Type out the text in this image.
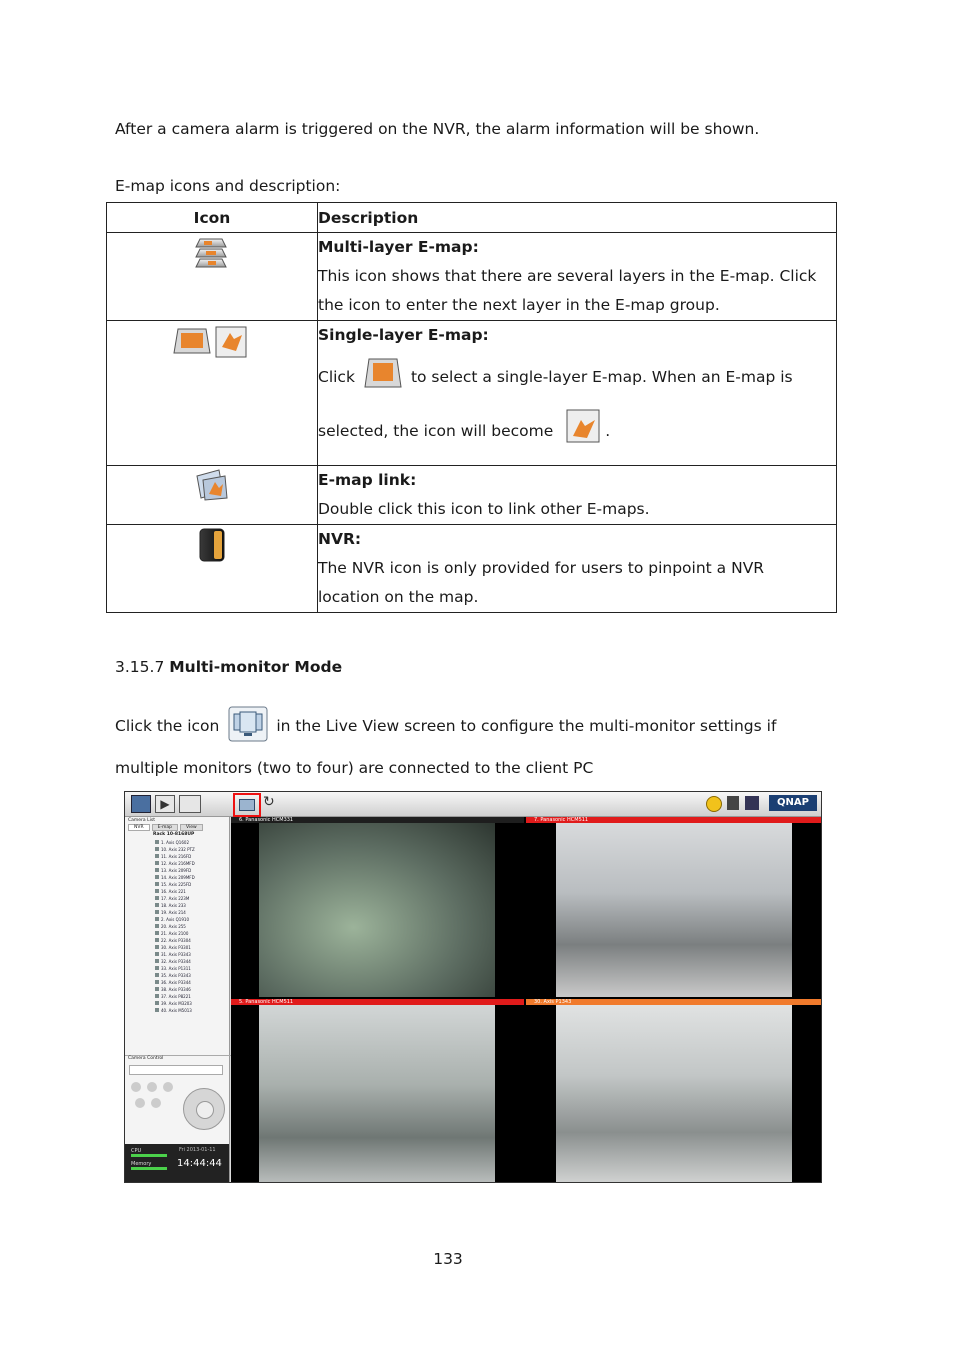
After a camera alarm is triggered on the NVR, the alarm information will be shown.
E-map icons and description:
Icon	Description

Multi-layer E-map:
This icon shows that there are several layers in the E-map. Click
the icon to enter the next layer in the E-map group.

Single-layer E-map:
Click to select a single-layer E-map. When an E-map is
selected, the icon will become .

E-map link:
Double click this icon to link other E-maps.

NVR:
The NVR icon is only provided for users to pinpoint a NVR
location on the map.
3.15.7 Multi-monitor Mode
Click the icon	in the Live View screen to configure the multi-monitor settings if
multiple monitors (two to four) are connected to the client PC
▶	↻	QNAP
Camera List
NVR	E-map	View
Rack 10-8168UP
1. Axis Q1602
10. Axis 232 PTZ
11. Axis 216FD
12. Axis 216MFD
13. Axis 209FD
14. Axis 209MFD
15. Axis 225FD
16. Axis 221
17. Axis 223M
18. Axis 233
19. Axis 214
2. Axis Q1910
20. Axis 255
21. Axis 2100
22. Axis P3304
30. Axis P3301
31. Axis P3343
32. Axis P3344
33. Axis P1311
35. Axis P3343
36. Axis P3344
38. Axis P3346
37. Axis P8221
39. Axis M3203
40. Axis M5013
Camera Control
CPU
Memory
Fri 2013-01-11
14:44:44
6. Panasonic HCM331	7. Panasonic HCM511
5. Panasonic HCM511	30. Axis P1343
133
